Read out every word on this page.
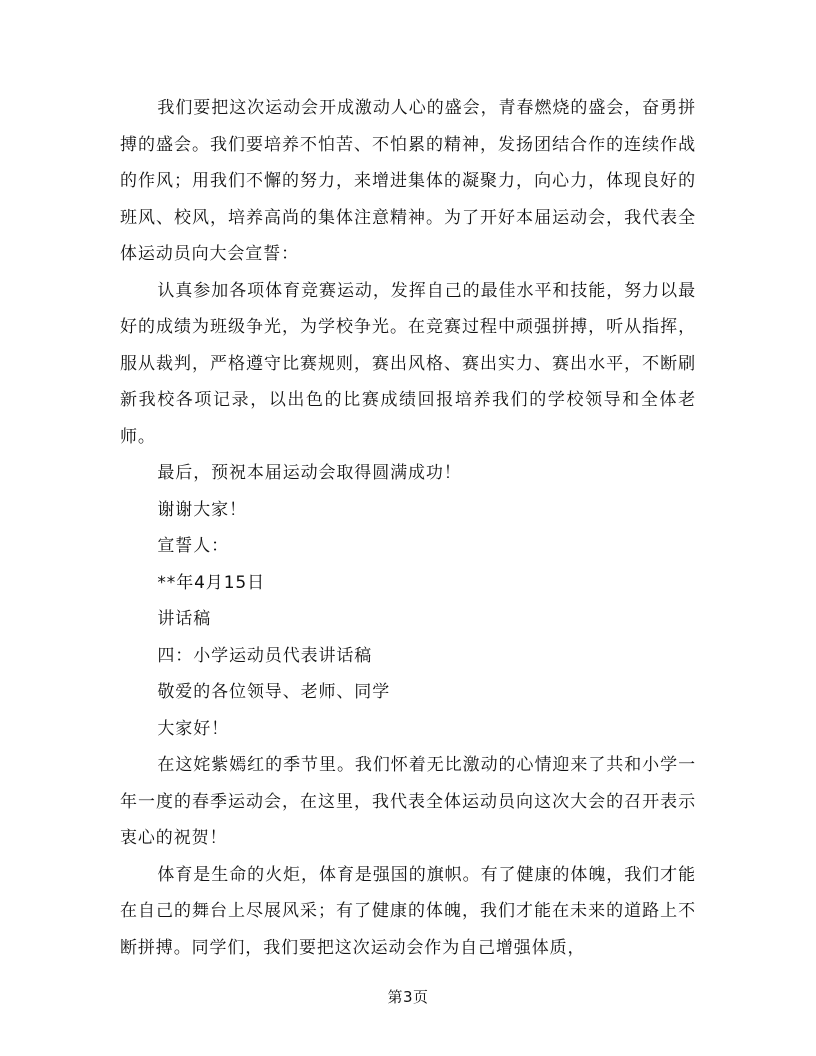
我们要把这次运动会开成激动人心的盛会，青春燃烧的盛会，奋勇拼搏的盛会。我们要培养不怕苦、不怕累的精神，发扬团结合作的连续作战的作风；用我们不懈的努力，来增进集体的凝聚力，向心力，体现良好的班风、校风，培养高尚的集体注意精神。为了开好本届运动会，我代表全体运动员向大会宣誓：

认真参加各项体育竞赛运动，发挥自己的最佳水平和技能，努力以最好的成绩为班级争光，为学校争光。在竞赛过程中顽强拼搏，听从指挥，服从裁判，严格遵守比赛规则，赛出风格、赛出实力、赛出水平，不断刷新我校各项记录，以出色的比赛成绩回报培养我们的学校领导和全体老师。

最后，预祝本届运动会取得圆满成功！

谢谢大家！

宣誓人：

**年4月15日

讲话稿

四：小学运动员代表讲话稿

敬爱的各位领导、老师、同学

大家好！

在这姹紫嫣红的季节里。我们怀着无比激动的心情迎来了共和小学一年一度的春季运动会，在这里，我代表全体运动员向这次大会的召开表示衷心的祝贺！

体育是生命的火炬，体育是强国的旗帜。有了健康的体魄，我们才能在自己的舞台上尽展风采；有了健康的体魄，我们才能在未来的道路上不断拼搏。同学们，我们要把这次运动会作为自己增强体质，

第3页
